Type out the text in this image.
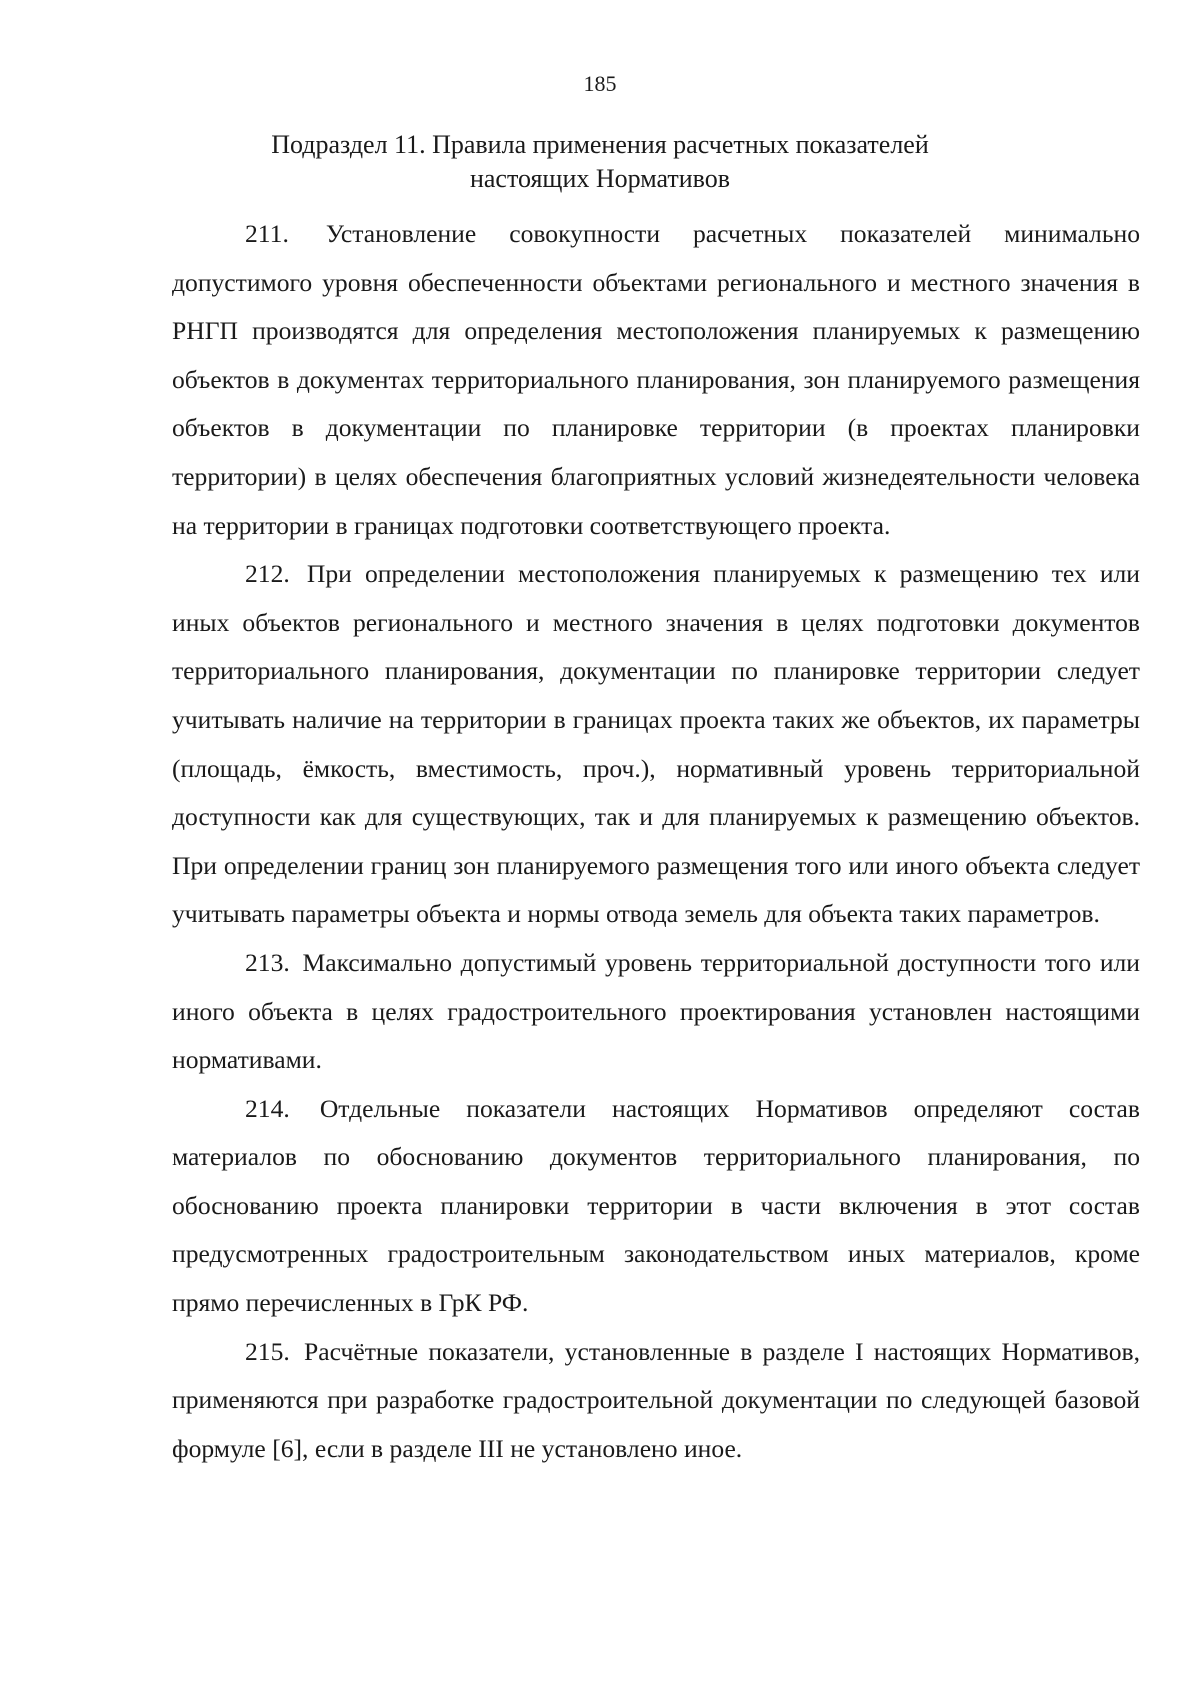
185
Подраздел 11. Правила применения расчетных показателей настоящих Нормативов

211. Установление совокупности расчетных показателей минимально допустимого уровня обеспеченности объектами регионального и местного значения в РНГП производятся для определения местоположения планируемых к размещению объектов в документах территориального планирования, зон планируемого размещения объектов в документации по планировке территории (в проектах планировки территории) в целях обеспечения благоприятных условий жизнедеятельности человека на территории в границах подготовки соответствующего проекта.

212. При определении местоположения планируемых к размещению тех или иных объектов регионального и местного значения в целях подготовки документов территориального планирования, документации по планировке территории следует учитывать наличие на территории в границах проекта таких же объектов, их параметры (площадь, ёмкость, вместимость, проч.), нормативный уровень территориальной доступности как для существующих, так и для планируемых к размещению объектов. При определении границ зон планируемого размещения того или иного объекта следует учитывать параметры объекта и нормы отвода земель для объекта таких параметров.

213. Максимально допустимый уровень территориальной доступности того или иного объекта в целях градостроительного проектирования установлен настоящими нормативами.

214. Отдельные показатели настоящих Нормативов определяют состав материалов по обоснованию документов территориального планирования, по обоснованию проекта планировки территории в части включения в этот состав предусмотренных градостроительным законодательством иных материалов, кроме прямо перечисленных в ГрК РФ.

215. Расчётные показатели, установленные в разделе I настоящих Нормативов, применяются при разработке градостроительной документации по следующей базовой формуле [6], если в разделе III не установлено иное.
